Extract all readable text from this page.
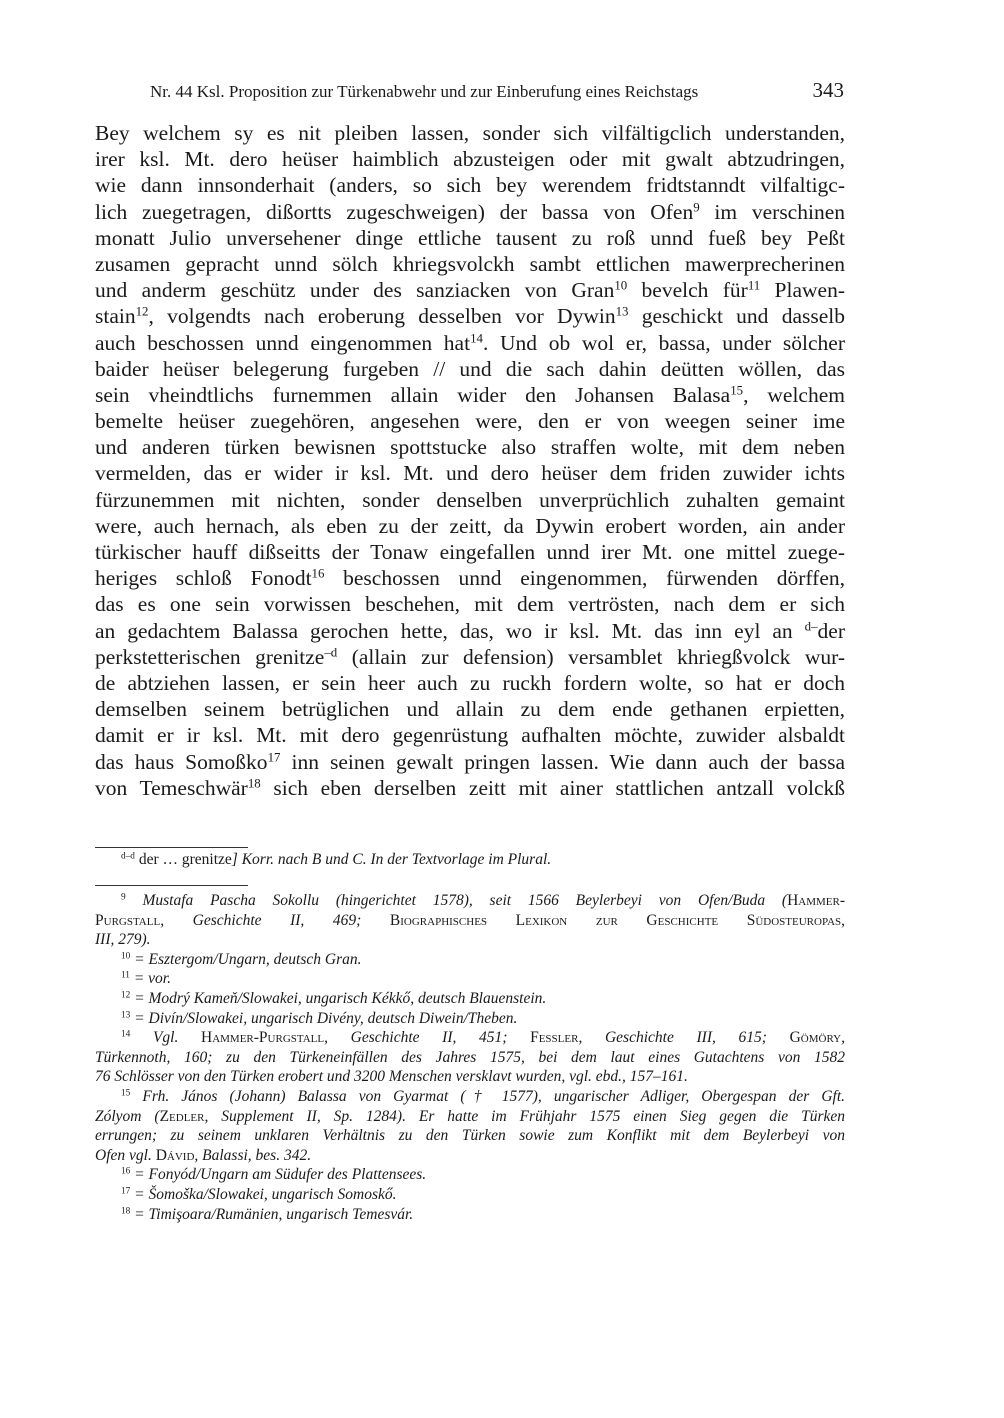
Nr. 44 Ksl. Proposition zur Türkenabwehr und zur Einberufung eines Reichstags	343
Bey welchem sy es nit pleiben lassen, sonder sich vilfältigclich understanden,
irer ksl. Mt. dero heüser haimblich abzusteigen oder mit gwalt abtzudringen,
wie dann innsonderhait (anders, so sich bey werendem fridtstanndt vilfaltigc-
lich zuegetragen, dißortts zugeschweigen) der bassa von Ofen$^9$ im verschinen
monatt Julio unversehener dinge ettliche tausent zu roß unnd fueß bey Peßt
zusamen gepracht unnd sölch khriegsvolckh sambt ettlichen mawerprecherinen
und anderm geschütz under des sanziacken von Gran$^{10}$ bevelch für$^{11}$ Plawen-
stain$^{12}$, volgendts nach eroberung desselben vor Dywin$^{13}$ geschickt und dasselb
auch beschossen unnd eingenommen hat$^{14}$. Und ob wol er, bassa, under sölcher
baider heüser belegerung furgeben // und die sach dahin deütten wöllen, das
sein vheindtlichs furnemmen allain wider den Johansen Balasa$^{15}$, welchem
bemelte heüser zuegehören, angesehen were, den er von weegen seiner ime
und anderen türken bewisnen spottstucke also straffen wolte, mit dem neben
vermelden, das er wider ir ksl. Mt. und dero heüser dem friden zuwider ichts
fürzunemmen mit nichten, sonder denselben unverprüchlich zuhalten gemaint
were, auch hernach, als eben zu der zeitt, da Dywin erobert worden, ain ander
türkischer hauff dißseitts der Tonaw eingefallen unnd irer Mt. one mittel zuege-
heriges schloß Fonodt$^{16}$ beschossen unnd eingenommen, fürwenden dörffen,
das es one sein vorwissen beschehen, mit dem vertrösten, nach dem er sich
an gedachtem Balassa gerochen hette, das, wo ir ksl. Mt. das inn eyl an $^{d-}$der
perkstetterischen grenitze$^{-d}$ (allain zur defension) versamblet khriegßvolck wur-
de abtziehen lassen, er sein heer auch zu ruckh fordern wolte, so hat er doch
demselben seinem betrüglichen und allain zu dem ende gethanen erpietten,
damit er ir ksl. Mt. mit dero gegenrüstung aufhalten möchte, zuwider alsbaldt
das haus Somoßko$^{17}$ inn seinen gewalt pringen lassen. Wie dann auch der bassa
von Temeschwär$^{18}$ sich eben derselben zeitt mit ainer stattlichen antzall volckß
$^{d-d}$ der … grenitze] Korr. nach B und C. In der Textvorlage im Plural.
$^9$ Mustafa Pascha Sokollu (hingerichtet 1578), seit 1566 Beylerbeyi von Ofen/Buda (Hammer-
Purgstall, Geschichte II, 469; Biographisches Lexikon zur Geschichte Südosteuropas,
III, 279).
$^{10}$ = Esztergom/Ungarn, deutsch Gran.
$^{11}$ = vor.
$^{12}$ = Modrý Kameň/Slowakei, ungarisch Kékkő, deutsch Blauenstein.
$^{13}$ = Divín/Slowakei, ungarisch Divény, deutsch Diwein/Theben.
$^{14}$ Vgl. Hammer-Purgstall, Geschichte II, 451; Fessler, Geschichte III, 615; Gömöry,
Türkennoth, 160; zu den Türkeneinfällen des Jahres 1575, bei dem laut eines Gutachtens von 1582
76 Schlösser von den Türken erobert und 3200 Menschen versklavt wurden, vgl. ebd., 157–161.
$^{15}$ Frh. János (Johann) Balassa von Gyarmat († 1577), ungarischer Adliger, Obergespan der Gft.
Zólyom (Zedler, Supplement II, Sp. 1284). Er hatte im Frühjahr 1575 einen Sieg gegen die Türken
errungen; zu seinem unklaren Verhältnis zu den Türken sowie zum Konflikt mit dem Beylerbeyi von
Ofen vgl. Dávid, Balassi, bes. 342.
$^{16}$ = Fonyód/Ungarn am Südufer des Plattensees.
$^{17}$ = Šomoška/Slowakei, ungarisch Somoskő.
$^{18}$ = Timişoara/Rumänien, ungarisch Temesvár.
